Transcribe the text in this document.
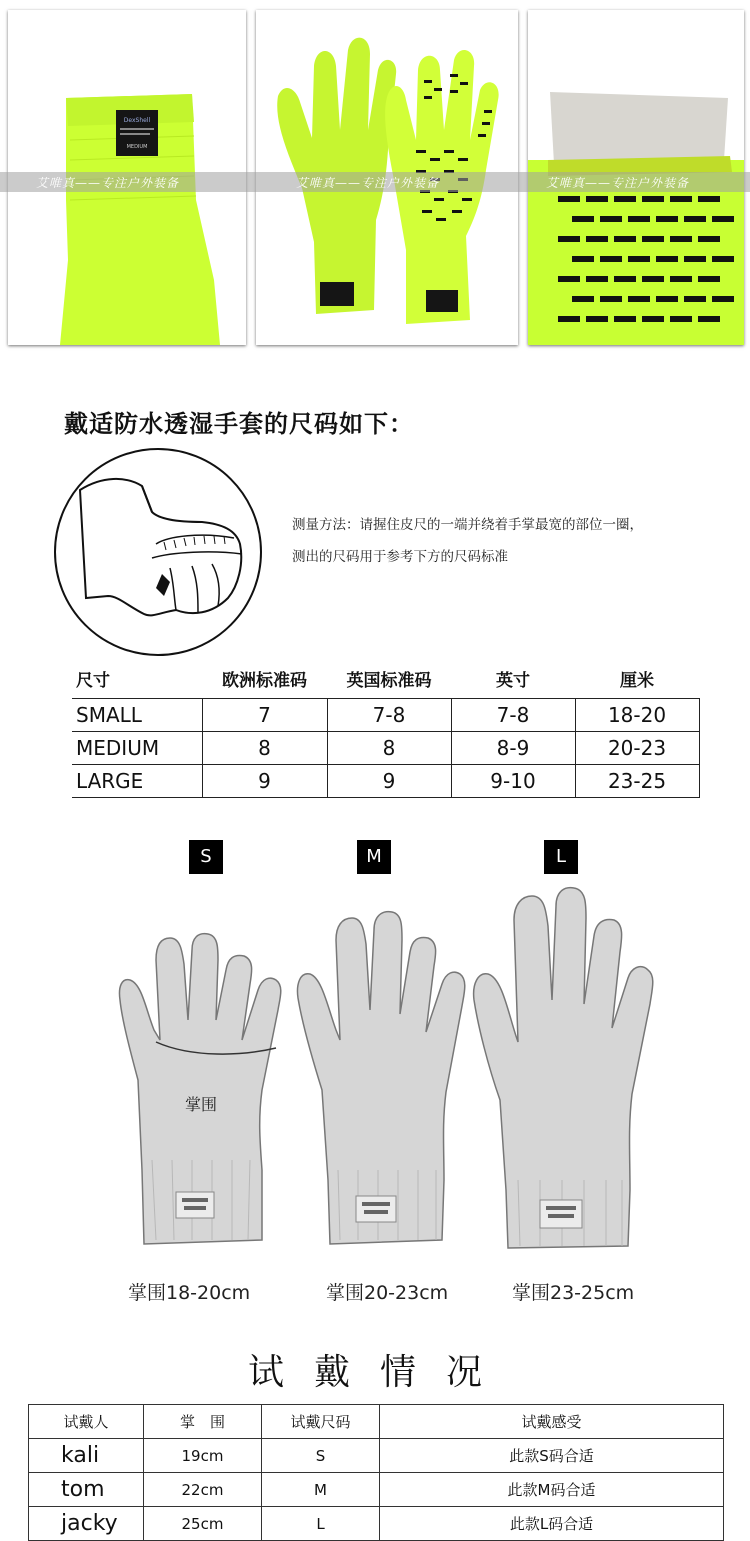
DexShell
MEDIUM
艾唯真——专注户外装备	艾唯真——专注户外装备	艾唯真——专注户外装备
戴适防水透湿手套的尺码如下：
测量方法：请握住皮尺的一端并绕着手掌最宽的部位一圈，
测出的尺码用于参考下方的尺码标准
尺寸	欧洲标准码	英国标准码	英寸	厘米
SMALL	7	7-8	7-8	18-20
MEDIUM	8	8	8-9	20-23
LARGE	9	9	9-10	23-25
S	M	L
掌围
掌围18-20cm	掌围20-23cm	掌围23-25cm
试戴情况
试戴人	掌　围	试戴尺码	试戴感受
kali	19cm	S	此款S码合适
tom	22cm	M	此款M码合适
jacky	25cm	L	此款L码合适
